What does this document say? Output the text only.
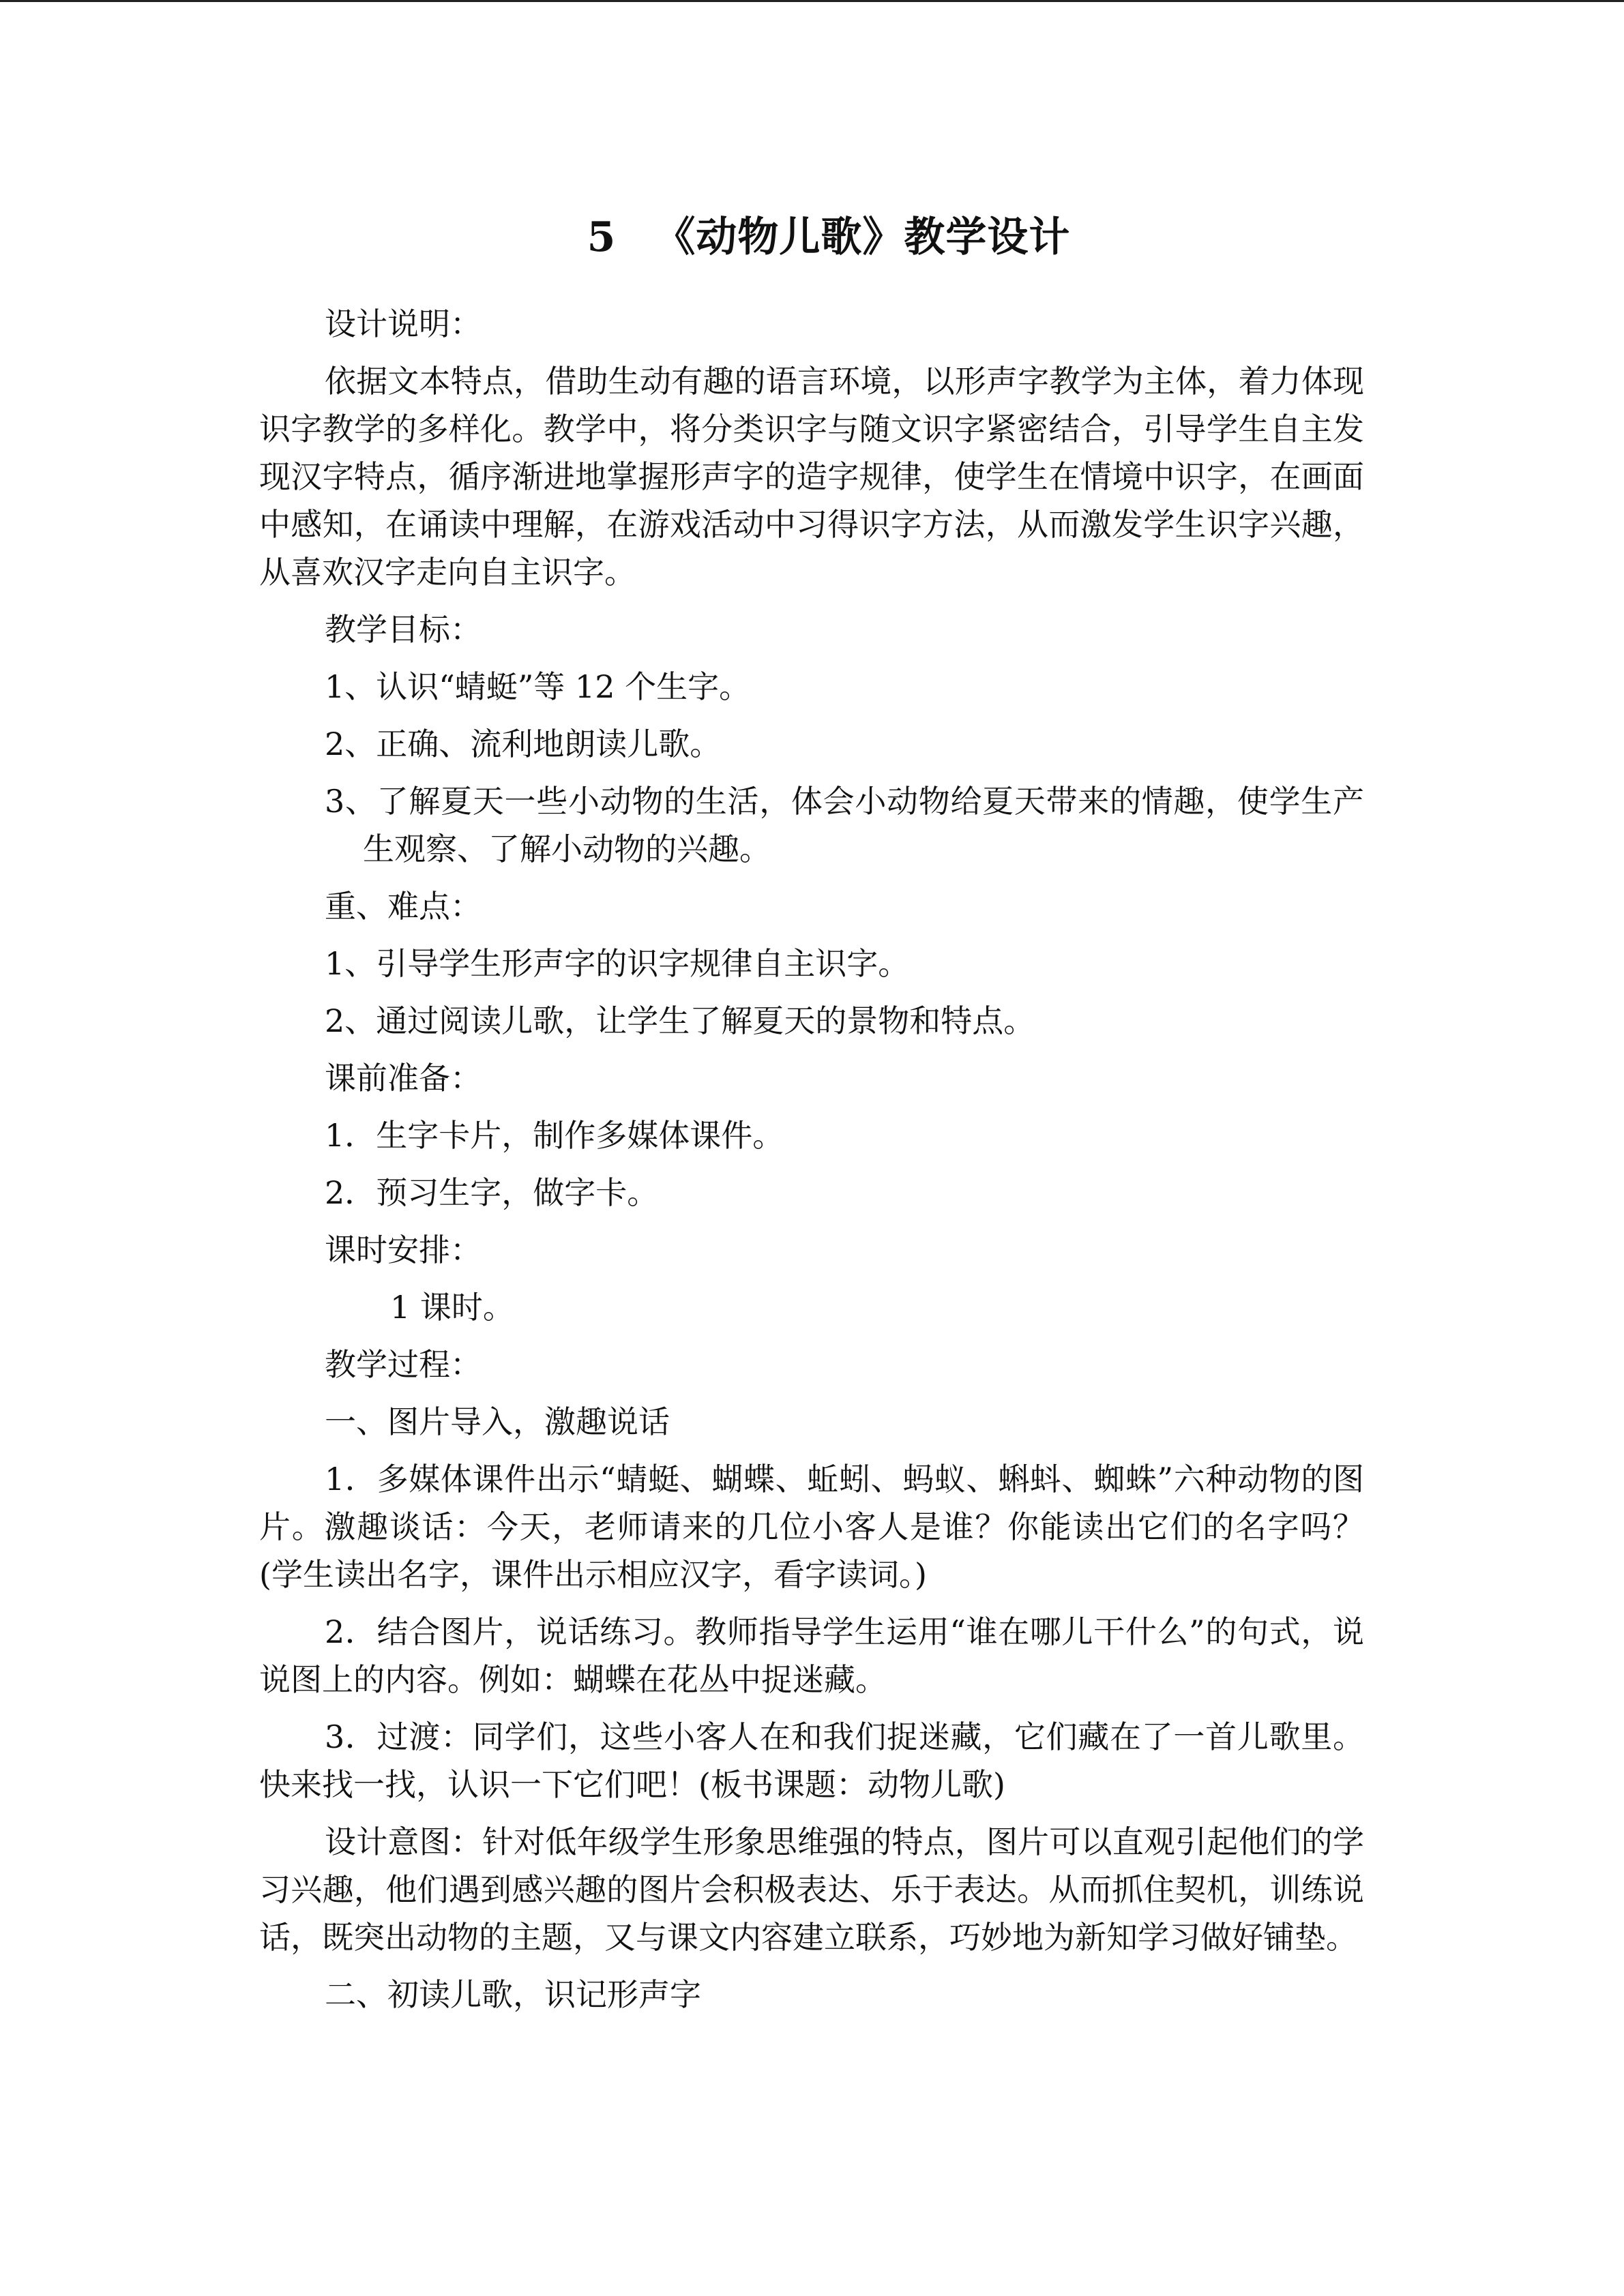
5 《动物儿歌》教学设计
设计说明：
依据文本特点，借助生动有趣的语言环境，以形声字教学为主体，着力体现识字教学的多样化。教学中，将分类识字与随文识字紧密结合，引导学生自主发现汉字特点，循序渐进地掌握形声字的造字规律，使学生在情境中识字，在画面中感知，在诵读中理解，在游戏活动中习得识字方法，从而激发学生识字兴趣，从喜欢汉字走向自主识字。
教学目标：
1、认识“蜻蜓”等 12 个生字。
2、正确、流利地朗读儿歌。
3、了解夏天一些小动物的生活，体会小动物给夏天带来的情趣，使学生产生观察、了解小动物的兴趣。
重、难点：
1、引导学生形声字的识字规律自主识字。
2、通过阅读儿歌，让学生了解夏天的景物和特点。
课前准备：
1．生字卡片，制作多媒体课件。
2．预习生字，做字卡。
课时安排：
1 课时。
教学过程：
一、图片导入，激趣说话
1．多媒体课件出示“蜻蜓、蝴蝶、蚯蚓、蚂蚁、蝌蚪、蜘蛛”六种动物的图片。激趣谈话：今天，老师请来的几位小客人是谁？你能读出它们的名字吗？(学生读出名字，课件出示相应汉字，看字读词。)
2．结合图片，说话练习。教师指导学生运用“谁在哪儿干什么”的句式，说说图上的内容。例如：蝴蝶在花丛中捉迷藏。
3．过渡：同学们，这些小客人在和我们捉迷藏，它们藏在了一首儿歌里。快来找一找，认识一下它们吧！(板书课题：动物儿歌)
设计意图：针对低年级学生形象思维强的特点，图片可以直观引起他们的学习兴趣，他们遇到感兴趣的图片会积极表达、乐于表达。从而抓住契机，训练说话，既突出动物的主题，又与课文内容建立联系，巧妙地为新知学习做好铺垫。
二、初读儿歌，识记形声字
